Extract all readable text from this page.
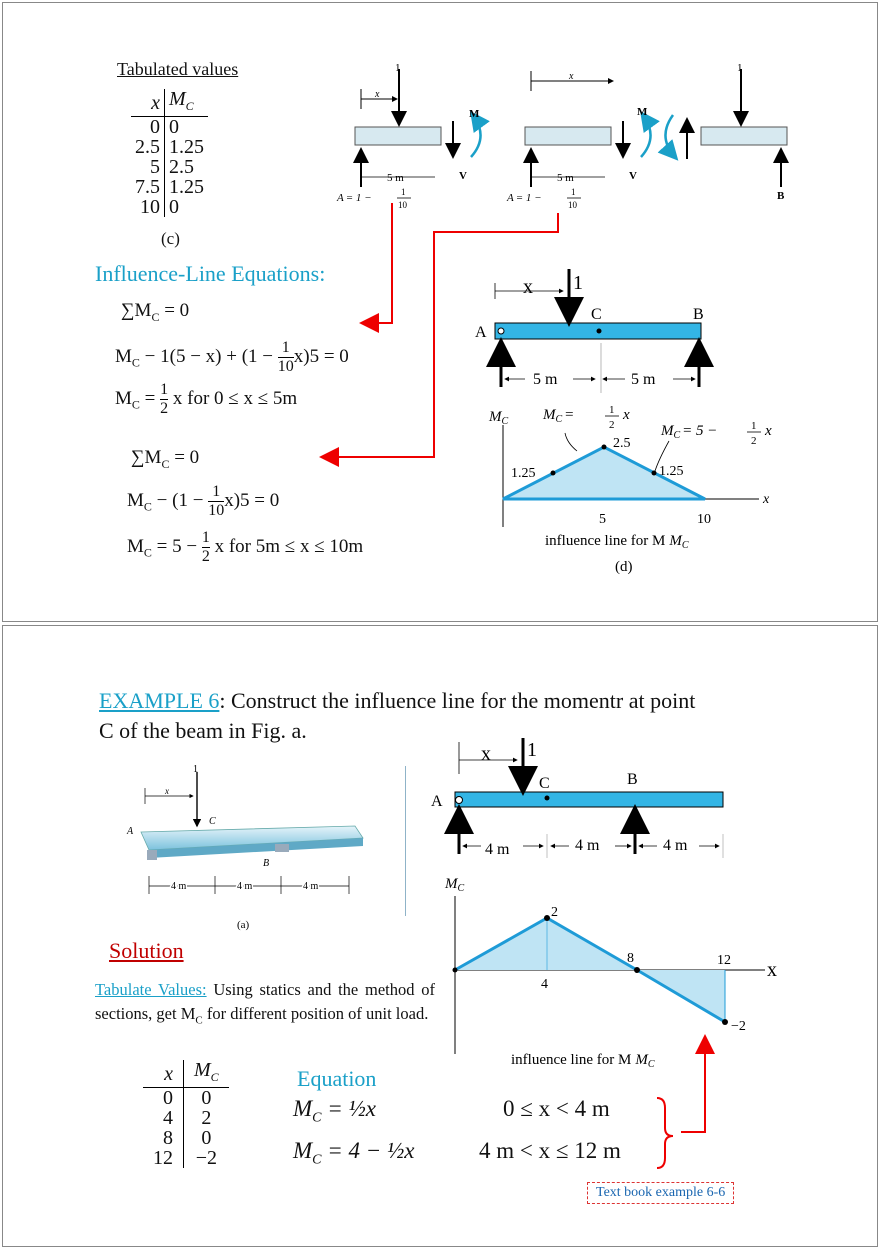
Tabulated values
x	$M_C$
0	0
2.5	1.25
5	2.5
7.5	1.25
10	0
(c)
x
1
5 m	V
M
A = 1 −	1
10
x
5 m	V
M
1
B
A = 1 −	1
10
Influence-Line Equations:
$\sum M_C = 0$
$M_C - 1(5 - x) + (1 - \frac{1}{10} x)5 = 0$
$M_C = \frac{1}{2}$ x for 0 ≤ x ≤ 5m
$\sum M_C = 0$
$M_C - (1 - \frac{1}{10} x)5 = 0$
$M_C = 5 - \frac{1}{2}$ x for 5m ≤ x ≤ 10m
x 1
C	B
A
5 m	5 m
$M_C$
x
$M_C$ =	1
2
x
$M_C = 5$ −	1
2
x
2.5
1.25	1.25
5	10
influence line for M $M_C$
(d)
EXAMPLE 6: Construct the influence line for the momentr at point
C of the beam in Fig. a.
1
x
A
C
B
4 m	4 m	4 m
(a)
x 1
C	B
A
4 m	4 m	4 m
$M_C$
x
2
8	12
−2
4
influence line for M $M_C$
Solution
Tabulate Values: Using statics and the method of sections, get $M_C$ for different position of unit load.
x	$M_C$
0	0
4	2
8	0
12	−2
Equation
$M_C$ = ½x	0 ≤ x < 4 m
$M_C = 4$ − ½x	4 m < x ≤ 12 m
Text book example 6-6
